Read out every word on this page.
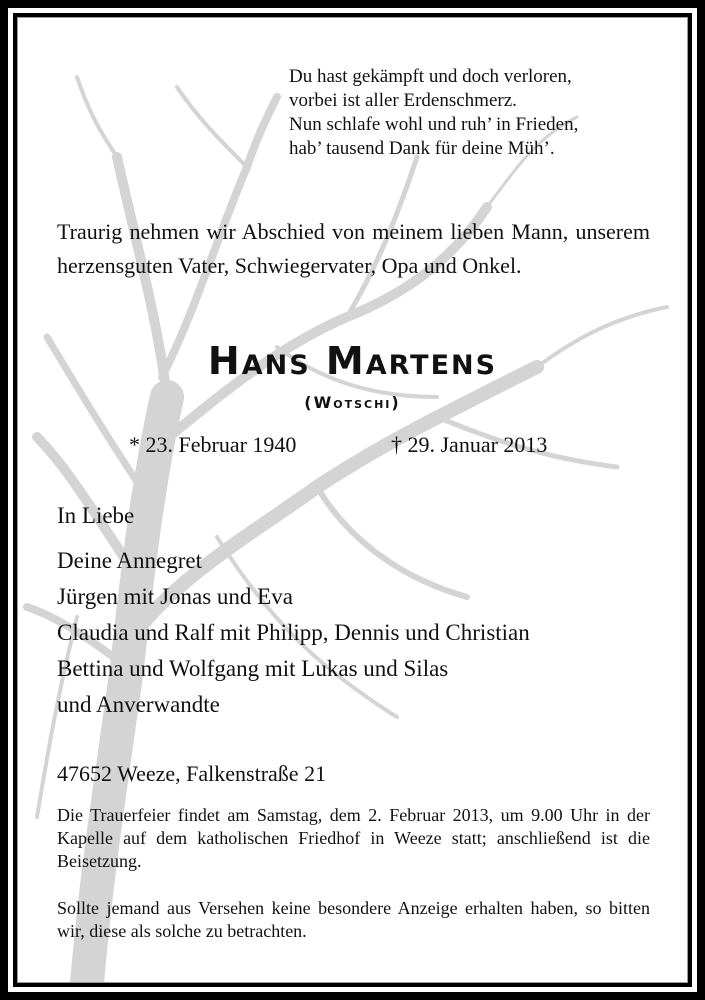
Du hast gekämpft und doch verloren,
vorbei ist aller Erdenschmerz.
Nun schlafe wohl und ruh’ in Frieden,
hab’ tausend Dank für deine Müh’.
Traurig nehmen wir Abschied von meinem lieben Mann, unserem herzensguten Vater, Schwiegervater, Opa und Onkel.
Hans Martens
(Wotschi)
* 23. Februar 1940	† 29. Januar 2013
In Liebe
Deine Annegret
Jürgen mit Jonas und Eva
Claudia und Ralf mit Philipp, Dennis und Christian
Bettina und Wolfgang mit Lukas und Silas
und Anverwandte
47652 Weeze, Falkenstraße 21
Die Trauerfeier findet am Samstag, dem 2. Februar 2013, um 9.00 Uhr in der Kapelle auf dem katholischen Friedhof in Weeze statt; anschließend ist die Beisetzung.
Sollte jemand aus Versehen keine besondere Anzeige erhalten haben, so bitten wir, diese als solche zu betrachten.
